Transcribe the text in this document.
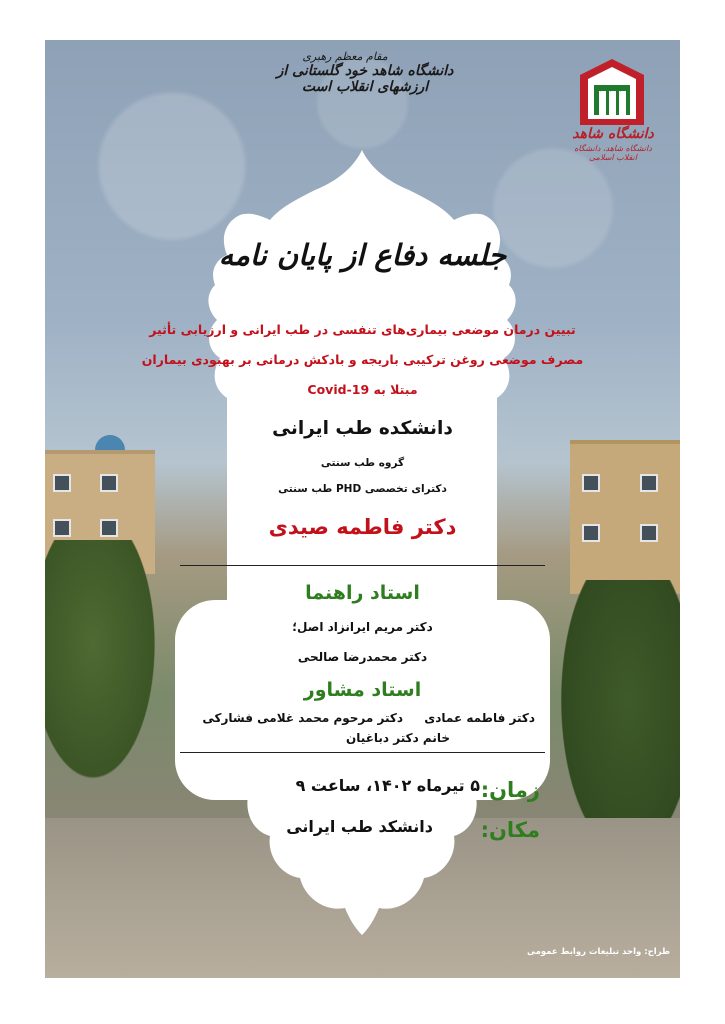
مقام معظم رهبری
دانشگاه شاهد خود گلستانی از ارزشهای انقلاب است
دانشگاه شاهد
دانشگاه شاهد، دانشگاه انقلاب اسلامی
جلسه دفاع از پایان نامه
تبیین درمان موضعی بیماری‌های تنفسی در طب ایرانی و ارزیابی تأثیر
مصرف موضعی روغن ترکیبی باریجه و بادکش درمانی بر بهبودی بیماران
مبتلا به Covid-19
دانشکده طب ایرانی
گروه طب سنتی
دکترای تخصصی PHD طب سنتی
دکتر فاطمه صیدی
استاد راهنما
دکتر مریم ایرانزاد اصل؛
دکتر محمدرضا صالحی
استاد مشاور
دکتر فاطمه عمادی
دکتر مرحوم محمد غلامی فشارکی
خانم دکتر دباغیان
زمان:
۵ تیرماه ۱۴۰۲، ساعت ۹
مکان:
دانشکد طب ایرانی
طراح: واحد تبلیغات روابط عمومی
